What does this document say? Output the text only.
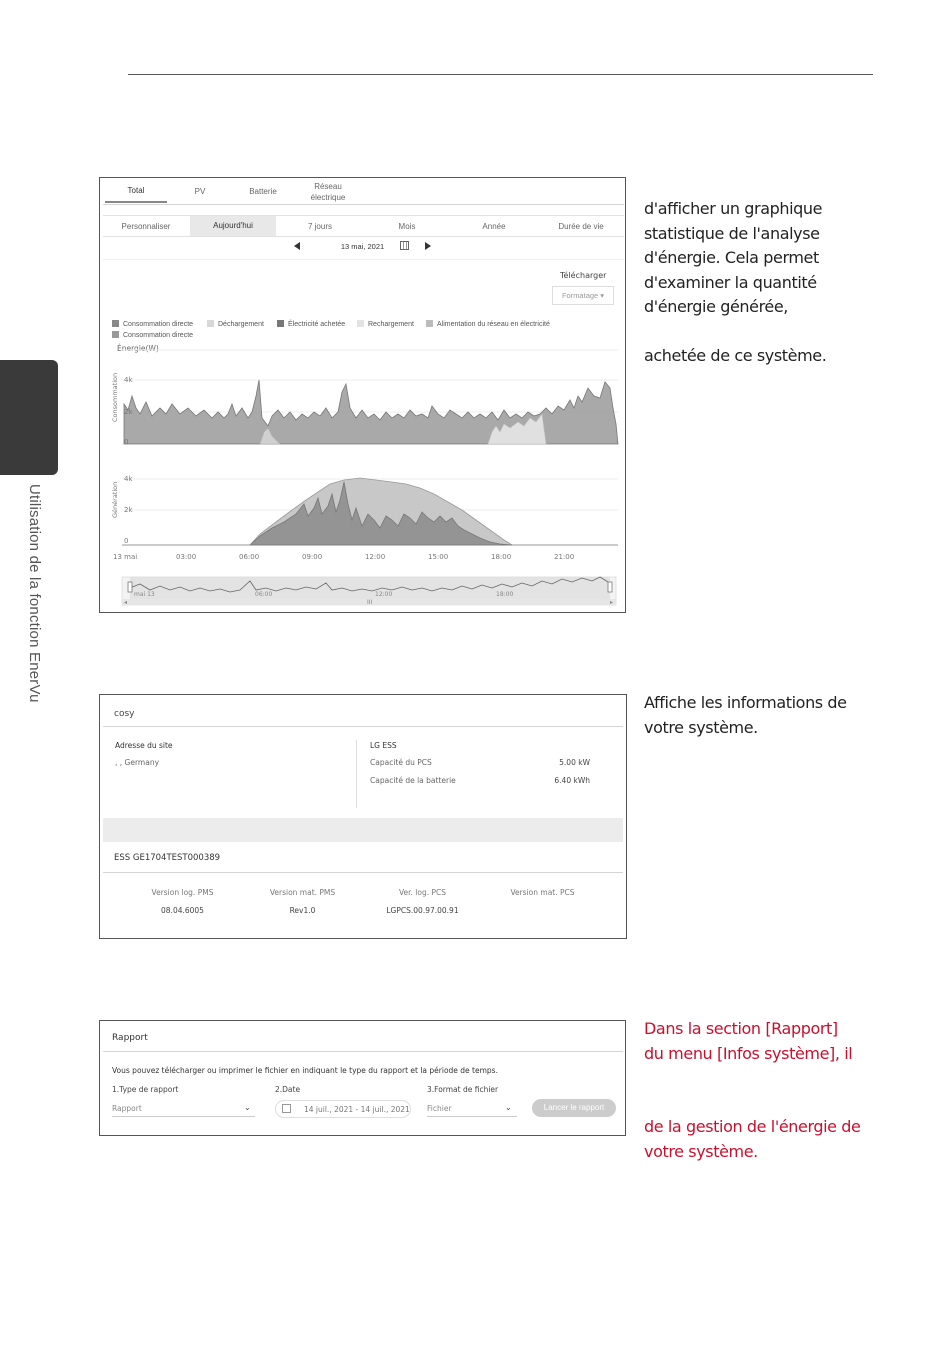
Utilisation de la fonction EnerVu
Total	PV	Batterie
Réseau
électrique
Personnaliser	Aujourd'hui	7 jours	Mois	Année	Durée de vie
13 mai, 2021
Télécharger
Formatage ▾
Consommation directe	Déchargement	Électricité achetée	Rechargement	Alimentation du réseau en électricité
Consommation directe
Énergie(W)
4k
2k
0
Consommation
4k
2k
0
Génération
13 mai	03:00	06:00	09:00	12:00	15:00	18:00	21:00
◂	▸
III
mai 13	06:00	12:00	18:00
d'afficher un graphique
statistique de l'analyse
d'énergie. Cela permet
d'examiner la quantité
d'énergie générée,
achetée de ce système.
cosy
Adresse du site
, , Germany
LG ESS
Capacité du PCS	5.00 kW
Capacité de la batterie	6.40 kWh
ESS GE1704TEST000389
Version log. PMS
08.04.6005
Version mat. PMS
Rev1.0
Ver. log. PCS
LGPCS.00.97.00.91
Version mat. PCS
Affiche les informations de
votre système.
Rapport
Vous pouvez télécharger ou imprimer le fichier en indiquant le type du rapport et la période de temps.
1.Type de rapport
Rapport	⌄
2.Date
14 juil., 2021 - 14 juil., 2021
3.Format de fichier
Fichier	⌄	Lancer le rapport
Dans la section [Rapport]
du menu [Infos système], il
de la gestion de l'énergie de
votre système.
